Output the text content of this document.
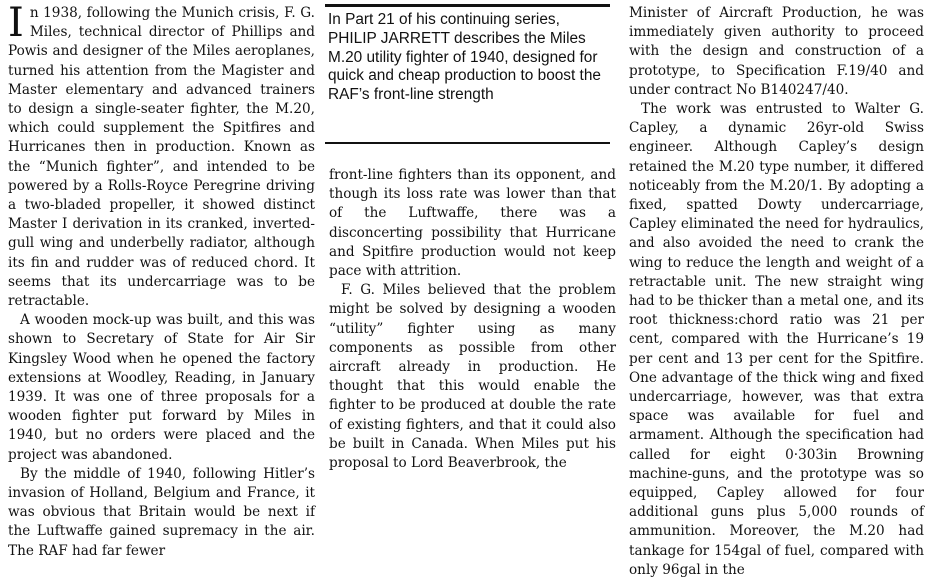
In 1938, following the Munich crisis, F. G. Miles, technical director of Phillips and Powis and designer of the Miles aeroplanes, turned his attention from the Magister and Master elementary and advanced trainers to design a single-seater fighter, the M.20, which could supplement the Spitfires and Hurricanes then in production. Known as the “Munich fighter”, and intended to be powered by a Rolls-Royce Peregrine driving a two-bladed propeller, it showed distinct Master I derivation in its cranked, inverted-gull wing and underbelly radiator, although its fin and rudder was of reduced chord. It seems that its undercarriage was to be retractable.

A wooden mock-up was built, and this was shown to Secretary of State for Air Sir Kingsley Wood when he opened the factory extensions at Woodley, Reading, in January 1939. It was one of three proposals for a wooden fighter put forward by Miles in 1940, but no orders were placed and the project was abandoned.

By the middle of 1940, following Hitler’s invasion of Holland, Belgium and France, it was obvious that Britain would be next if the Luftwaffe gained supremacy in the air. The RAF had far fewer

In Part 21 of his continuing series, PHILIP JARRETT describes the Miles M.20 utility fighter of 1940, designed for quick and cheap production to boost the RAF’s front-line strength

front-line fighters than its opponent, and though its loss rate was lower than that of the Luftwaffe, there was a disconcerting possibility that Hurricane and Spitfire production would not keep pace with attrition.

F. G. Miles believed that the problem might be solved by designing a wooden “utility” fighter using as many components as possible from other aircraft already in production. He thought that this would enable the fighter to be produced at double the rate of existing fighters, and that it could also be built in Canada. When Miles put his proposal to Lord Beaverbrook, the

Minister of Aircraft Production, he was immediately given authority to proceed with the design and construction of a prototype, to Specification F.19/40 and under contract No B140247/40.

The work was entrusted to Walter G. Capley, a dynamic 26yr-old Swiss engineer. Although Capley’s design retained the M.20 type number, it differed noticeably from the M.20/1. By adopting a fixed, spatted Dowty undercarriage, Capley eliminated the need for hydraulics, and also avoided the need to crank the wing to reduce the length and weight of a retractable unit. The new straight wing had to be thicker than a metal one, and its root thickness:chord ratio was 21 per cent, compared with the Hurricane’s 19 per cent and 13 per cent for the Spitfire. One advantage of the thick wing and fixed undercarriage, however, was that extra space was available for fuel and armament. Although the specification had called for eight 0·303in Browning machine-guns, and the prototype was so equipped, Capley allowed for four additional guns plus 5,000 rounds of ammunition. Moreover, the M.20 had tankage for 154gal of fuel, compared with only 96gal in the
